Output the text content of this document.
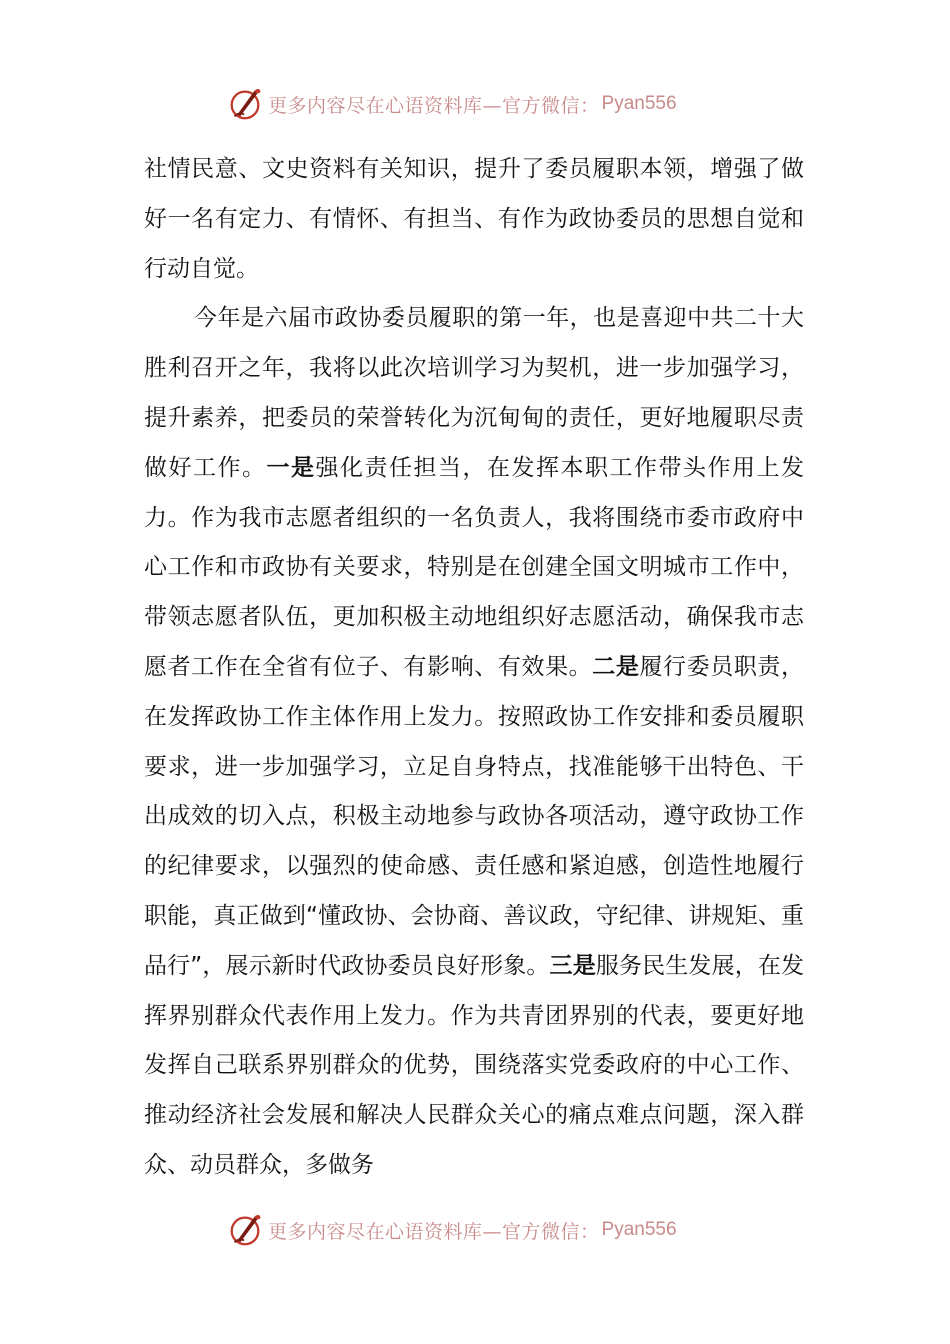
更多内容尽在心语资料库—官方微信： Pyan556

社情民意、文史资料有关知识，提升了委员履职本领，增强了做好一名有定力、有情怀、有担当、有作为政协委员的思想自觉和行动自觉。

今年是六届市政协委员履职的第一年，也是喜迎中共二十大胜利召开之年，我将以此次培训学习为契机，进一步加强学习，提升素养，把委员的荣誉转化为沉甸甸的责任，更好地履职尽责做好工作。一是强化责任担当，在发挥本职工作带头作用上发力。作为我市志愿者组织的一名负责人，我将围绕市委市政府中心工作和市政协有关要求，特别是在创建全国文明城市工作中，带领志愿者队伍，更加积极主动地组织好志愿活动，确保我市志愿者工作在全省有位子、有影响、有效果。二是履行委员职责，在发挥政协工作主体作用上发力。按照政协工作安排和委员履职要求，进一步加强学习，立足自身特点，找准能够干出特色、干出成效的切入点，积极主动地参与政协各项活动，遵守政协工作的纪律要求，以强烈的使命感、责任感和紧迫感，创造性地履行职能，真正做到“懂政协、会协商、善议政，守纪律、讲规矩、重品行”，展示新时代政协委员良好形象。三是服务民生发展，在发挥界别群众代表作用上发力。作为共青团界别的代表，要更好地发挥自己联系界别群众的优势，围绕落实党委政府的中心工作、推动经济社会发展和解决人民群众关心的痛点难点问题，深入群众、动员群众，多做务

更多内容尽在心语资料库—官方微信： Pyan556
